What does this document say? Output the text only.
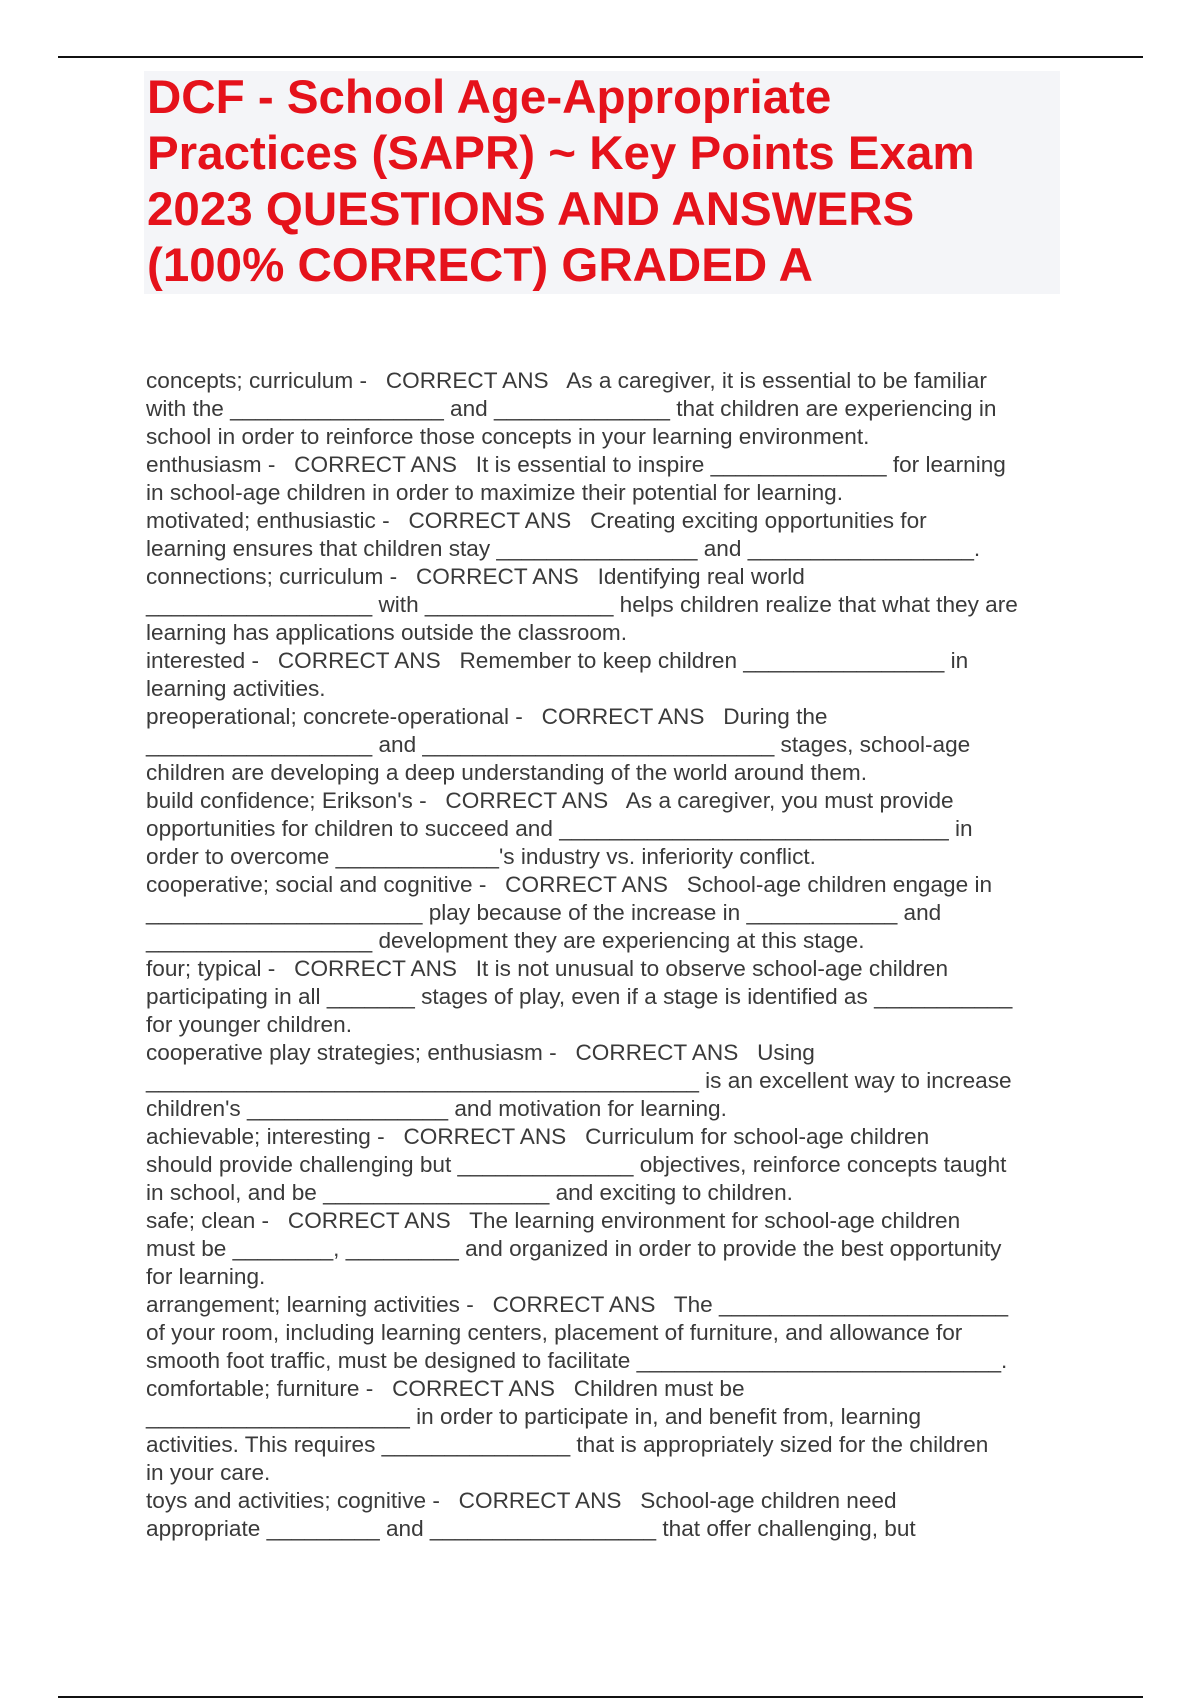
DCF - School Age-Appropriate
Practices (SAPR) ~ Key Points Exam
2023 QUESTIONS AND ANSWERS
(100% CORRECT) GRADED A
concepts; curriculum -   CORRECT ANS   As a caregiver, it is essential to be familiar
with the _________________ and ______________ that children are experiencing in
school in order to reinforce those concepts in your learning environment.
enthusiasm -   CORRECT ANS   It is essential to inspire ______________ for learning
in school-age children in order to maximize their potential for learning.
motivated; enthusiastic -   CORRECT ANS   Creating exciting opportunities for
learning ensures that children stay ________________ and __________________.
connections; curriculum -   CORRECT ANS   Identifying real world
__________________ with _______________ helps children realize that what they are
learning has applications outside the classroom.
interested -   CORRECT ANS   Remember to keep children ________________ in
learning activities.
preoperational; concrete-operational -   CORRECT ANS   During the
__________________ and ____________________________ stages, school-age
children are developing a deep understanding of the world around them.
build confidence; Erikson's -   CORRECT ANS   As a caregiver, you must provide
opportunities for children to succeed and _______________________________ in
order to overcome _____________'s industry vs. inferiority conflict.
cooperative; social and cognitive -   CORRECT ANS   School-age children engage in
______________________ play because of the increase in ____________ and
__________________ development they are experiencing at this stage.
four; typical -   CORRECT ANS   It is not unusual to observe school-age children
participating in all _______ stages of play, even if a stage is identified as ___________
for younger children.
cooperative play strategies; enthusiasm -   CORRECT ANS   Using
____________________________________________ is an excellent way to increase
children's ________________ and motivation for learning.
achievable; interesting -   CORRECT ANS   Curriculum for school-age children
should provide challenging but ______________ objectives, reinforce concepts taught
in school, and be __________________ and exciting to children.
safe; clean -   CORRECT ANS   The learning environment for school-age children
must be ________, _________ and organized in order to provide the best opportunity
for learning.
arrangement; learning activities -   CORRECT ANS   The _______________________
of your room, including learning centers, placement of furniture, and allowance for
smooth foot traffic, must be designed to facilitate _____________________________.
comfortable; furniture -   CORRECT ANS   Children must be
_____________________ in order to participate in, and benefit from, learning
activities. This requires _______________ that is appropriately sized for the children
in your care.
toys and activities; cognitive -   CORRECT ANS   School-age children need
appropriate _________ and __________________ that offer challenging, but
